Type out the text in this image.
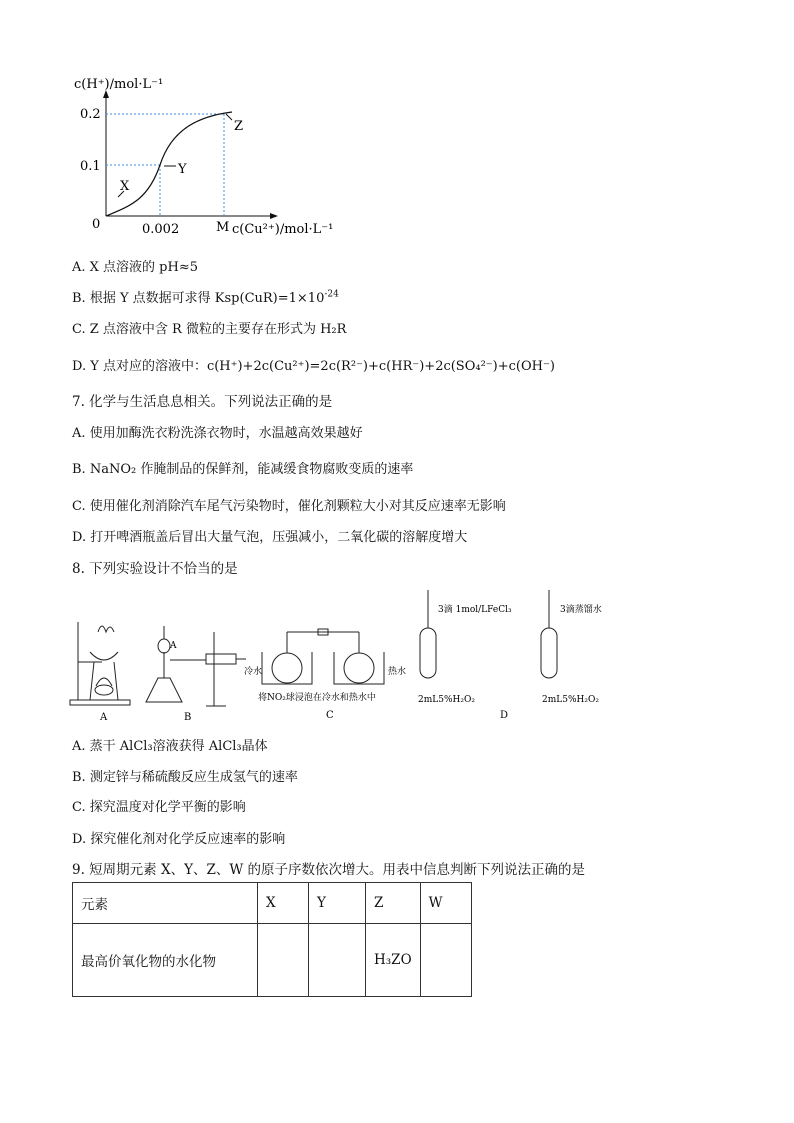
0.2
0.1
0	0.002	M
X
Y
Z
c(H⁺)/mol·L⁻¹
c(Cu²⁺)/mol·L⁻¹
A. X 点溶液的 pH≈5
B. 根据 Y 点数据可求得 $Ksp(CuR)=1\times 10^{-24}$
C. Z 点溶液中含 R 微粒的主要存在形式为 H₂R
D. Y 点对应的溶液中：c(H⁺)+2c(Cu²⁺)=2c(R²⁻)+c(HR⁻)+2c(SO₄²⁻)+c(OH⁻)
7. 化学与生活息息相关。下列说法正确的是
A. 使用加酶洗衣粉洗涤衣物时，水温越高效果越好
B. NaNO₂ 作腌制品的保鲜剂，能减缓食物腐败变质的速率
C. 使用催化剂消除汽车尾气污染物时，催化剂颗粒大小对其反应速率无影响
D. 打开啤酒瓶盖后冒出大量气泡，压强减小，二氧化碳的溶解度增大
8. 下列实验设计不恰当的是
A
A
B
冷水	热水
将NO₂球浸泡在冷水和热水中
C
3滴 1mol/LFeCl₃	3滴蒸馏水
2mL5%H₂O₂	2mL5%H₂O₂
D
A. 蒸干 AlCl₃溶液获得 AlCl₃晶体
B. 测定锌与稀硫酸反应生成氢气的速率
C. 探究温度对化学平衡的影响
D. 探究催化剂对化学反应速率的影响
9. 短周期元素 X、Y、Z、W 的原子序数依次增大。用表中信息判断下列说法正确的是
元素	X	Y	Z	W
最高价氧化物的水化物			H₃ZO	
